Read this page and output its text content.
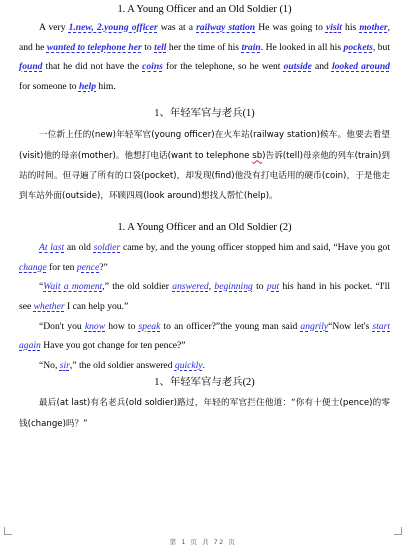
1. A Young Officer and an Old Soldier (1)

A very 1.new, 2.young officer was at a railway station He was going to visit his mother, and he wanted to telephone her to tell her the time of his train. He looked in all his pockets, but found that he did not have the coins for the telephone, so he went outside and looked around for someone to help him.

1、年轻军官与老兵(1)

一位新上任的(new)年轻军官(young officer)在火车站(railway station)候车。他要去看望(visit)他的母亲(mother)。他想打电话(want to telephone sb)告诉(tell)母亲他的列车(train)到站的时间。但寻遍了所有的口袋(pocket)，却发现(find)他没有打电话用的硬币(coin)，于是他走到车站外面(outside)，环顾四周(look around)想找人帮忙(help)。

1. A Young Officer and an Old Soldier (2)

At last an old soldier came by, and the young officer stopped him and said, “Have you got change for ten pence?”

“Wait a moment,” the old soldier answered, beginning to put his hand in his pocket. “I'll see whether I can help you.”

“Don't you know how to speak to an officer?”the young man said angrily“Now let's start again Have you got change for ten pence?”

“No, sir,” the old soldier answered quickly.

1、年轻军官与老兵(2)

最后(at last)有名老兵(old soldier)路过，年轻的军官拦住他道：“你有十便士(pence)的零钱(change)吗？”

第 1 页 共 72 页
